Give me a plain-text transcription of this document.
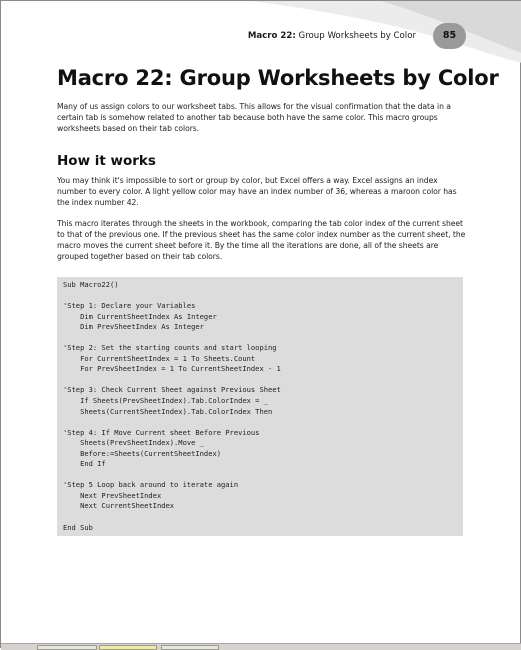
Macro 22: Group Worksheets by Color	85
Macro 22: Group Worksheets by Color

Many of us assign colors to our worksheet tabs. This allows for the visual confirmation that the data in a certain tab is somehow related to another tab because both have the same color. This macro groups worksheets based on their tab colors.

How it works

You may think it's impossible to sort or group by color, but Excel offers a way. Excel assigns an index number to every color. A light yellow color may have an index number of 36, whereas a maroon color has the index number 42.

This macro iterates through the sheets in the workbook, comparing the tab color index of the current sheet to that of the previous one. If the previous sheet has the same color index number as the current sheet, the macro moves the current sheet before it. By the time all the iterations are done, all of the sheets are grouped together based on their tab colors.

Sub Macro22()

'Step 1: Declare your Variables
Dim CurrentSheetIndex As Integer
Dim PrevSheetIndex As Integer

'Step 2: Set the starting counts and start looping
For CurrentSheetIndex = 1 To Sheets.Count
For PrevSheetIndex = 1 To CurrentSheetIndex - 1

'Step 3: Check Current Sheet against Previous Sheet
If Sheets(PrevSheetIndex).Tab.ColorIndex = _
Sheets(CurrentSheetIndex).Tab.ColorIndex Then

'Step 4: If Move Current sheet Before Previous
Sheets(PrevSheetIndex).Move _
Before:=Sheets(CurrentSheetIndex)
End If

'Step 5 Loop back around to iterate again
Next PrevSheetIndex
Next CurrentSheetIndex

End Sub
